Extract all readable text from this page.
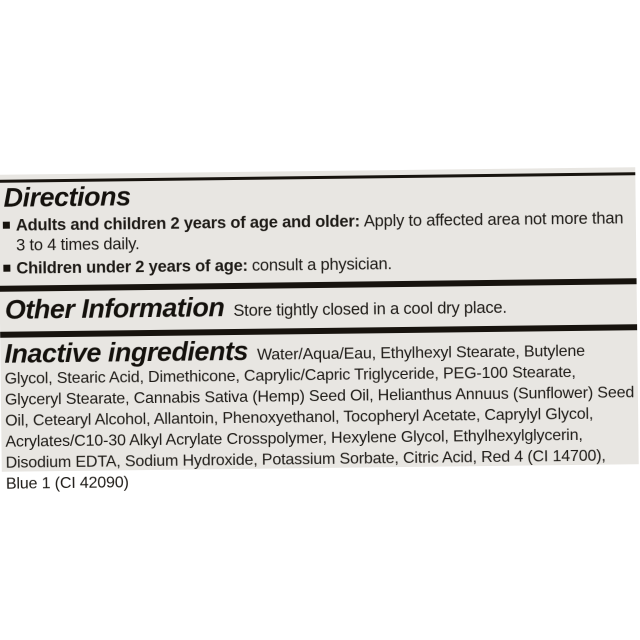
Directions
Adults and children 2 years of age and older: Apply to affected area not more than 3 to 4 times daily.
Children under 2 years of age: consult a physician.
Other Information Store tightly closed in a cool dry place.
Inactive ingredients Water/Aqua/Eau, Ethylhexyl Stearate, Butylene Glycol, Stearic Acid, Dimethicone, Caprylic/Capric Triglyceride, PEG-100 Stearate, Glyceryl Stearate, Cannabis Sativa (Hemp) Seed Oil, Helianthus Annuus (Sunflower) Seed Oil, Cetearyl Alcohol, Allantoin, Phenoxyethanol, Tocopheryl Acetate, Caprylyl Glycol, Acrylates/C10-30 Alkyl Acrylate Crosspolymer, Hexylene Glycol, Ethylhexylglycerin, Disodium EDTA, Sodium Hydroxide, Potassium Sorbate, Citric Acid, Red 4 (CI 14700), Blue 1 (CI 42090)
